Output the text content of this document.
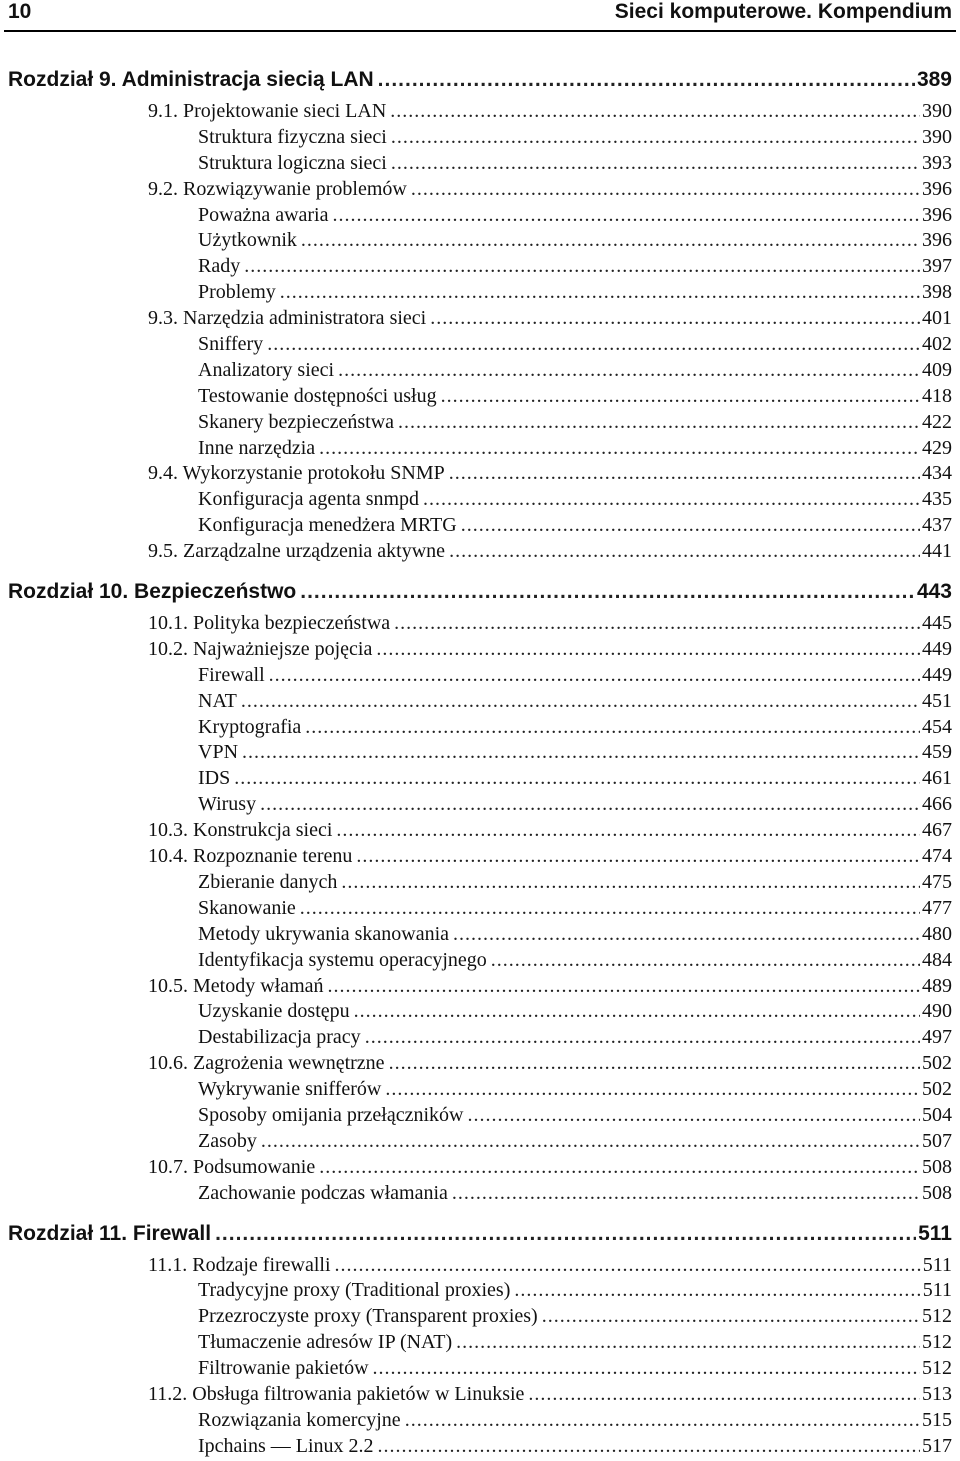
10	Sieci komputerowe. Kompendium
Rozdział 9. Administracja siecią LAN .....	389
9.1. Projektowanie sieci LAN .....	390
Struktura fizyczna sieci .....	390
Struktura logiczna sieci .....	393
9.2. Rozwiązywanie problemów .....	396
Poważna awaria .....	396
Użytkownik .....	396
Rady .....	397
Problemy .....	398
9.3. Narzędzia administratora sieci .....	401
Sniffery .....	402
Analizatory sieci .....	409
Testowanie dostępności usług .....	418
Skanery bezpieczeństwa .....	422
Inne narzędzia .....	429
9.4. Wykorzystanie protokołu SNMP .....	434
Konfiguracja agenta snmpd .....	435
Konfiguracja menedżera MRTG .....	437
9.5. Zarządzalne urządzenia aktywne .....	441
Rozdział 10. Bezpieczeństwo .....	443
10.1. Polityka bezpieczeństwa .....	445
10.2. Najważniejsze pojęcia .....	449
Firewall .....	449
NAT .....	451
Kryptografia .....	454
VPN .....	459
IDS .....	461
Wirusy .....	466
10.3. Konstrukcja sieci .....	467
10.4. Rozpoznanie terenu .....	474
Zbieranie danych .....	475
Skanowanie .....	477
Metody ukrywania skanowania .....	480
Identyfikacja systemu operacyjnego .....	484
10.5. Metody włamań .....	489
Uzyskanie dostępu .....	490
Destabilizacja pracy .....	497
10.6. Zagrożenia wewnętrzne .....	502
Wykrywanie snifferów .....	502
Sposoby omijania przełączników .....	504
Zasoby .....	507
10.7. Podsumowanie .....	508
Zachowanie podczas włamania .....	508
Rozdział 11. Firewall .....	511
11.1. Rodzaje firewalli .....	511
Tradycyjne proxy (Traditional proxies) .....	511
Przezroczyste proxy (Transparent proxies) .....	512
Tłumaczenie adresów IP (NAT) .....	512
Filtrowanie pakietów .....	512
11.2. Obsługa filtrowania pakietów w Linuksie .....	513
Rozwiązania komercyjne .....	515
Ipchains — Linux 2.2 .....	517
